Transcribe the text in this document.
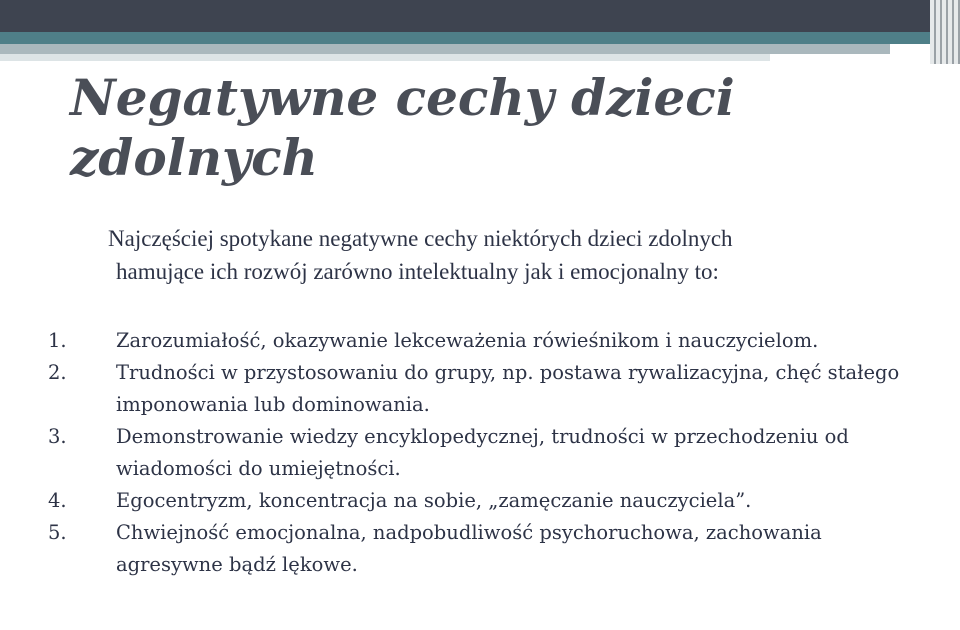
Negatywne cechy dzieci zdolnych

Najczęściej spotykane negatywne cechy niektórych dzieci zdolnych
hamujące ich rozwój zarówno intelektualny jak i emocjonalny to:

1.	Zarozumiałość, okazywanie lekceważenia rówieśnikom i nauczycielom.
2.	Trudności w przystosowaniu do grupy, np. postawa rywalizacyjna, chęć stałego imponowania lub dominowania.
3.	Demonstrowanie wiedzy encyklopedycznej, trudności w przechodzeniu od wiadomości do umiejętności.
4.	Egocentryzm, koncentracja na sobie, „zamęczanie nauczyciela”.
5.	Chwiejność emocjonalna, nadpobudliwość psychoruchowa, zachowania agresywne bądź lękowe.
